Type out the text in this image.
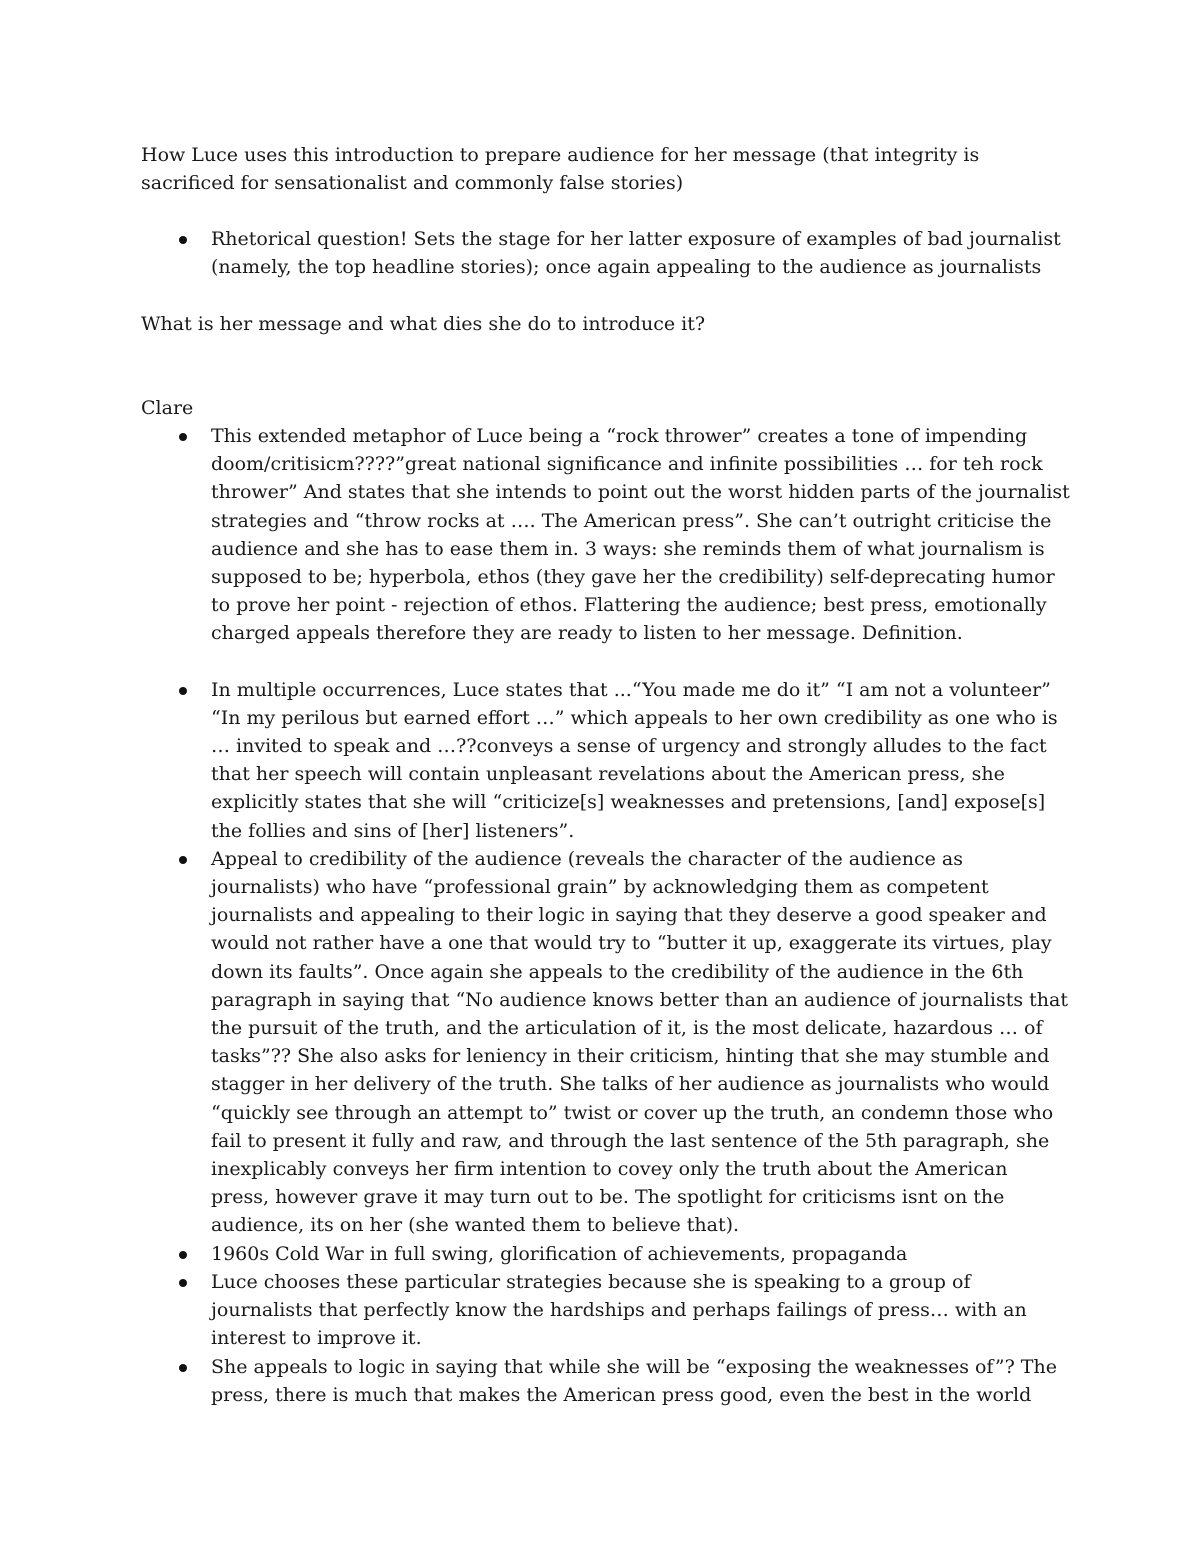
How Luce uses this introduction to prepare audience for her message (that integrity is sacrificed for sensationalist and commonly false stories)

Rhetorical question! Sets the stage for her latter exposure of examples of bad journalist (namely, the top headline stories); once again appealing to the audience as journalists

What is her message and what dies she do to introduce it?

Clare

This extended metaphor of Luce being a “rock thrower” creates a tone of impending doom/critisicm????”great national significance and infinite possibilities … for teh rock thrower” And states that she intends to point out the worst hidden parts of the journalist strategies and “throw rocks at …. The American press”. She can’t outright criticise the audience and she has to ease them in. 3 ways: she reminds them of what journalism is supposed to be; hyperbola, ethos (they gave her the credibility) self-deprecating humor to prove her point - rejection of ethos. Flattering the audience; best press, emotionally charged appeals therefore they are ready to listen to her message. Definition.
In multiple occurrences, Luce states that ...“You made me do it” “I am not a volunteer” “In my perilous but earned effort …” which appeals to her own credibility as one who is … invited to speak and …??conveys a sense of urgency and strongly alludes to the fact that her speech will contain unpleasant revelations about the American press, she explicitly states that she will “criticize[s] weaknesses and pretensions, [and] expose[s] the follies and sins of [her] listeners”.
Appeal to credibility of the audience (reveals the character of the audience as journalists) who have “professional grain” by acknowledging them as competent journalists and appealing to their logic in saying that they deserve a good speaker and would not rather have a one that would try to “butter it up, exaggerate its virtues, play down its faults”. Once again she appeals to the credibility of the audience in the 6th paragraph in saying that “No audience knows better than an audience of journalists that the pursuit of the truth, and the articulation of it, is the most delicate, hazardous … of tasks”?? She also asks for leniency in their criticism, hinting that she may stumble and stagger in her delivery of the truth. She talks of her audience as journalists who would “quickly see through an attempt to” twist or cover up the truth, an condemn those who fail to present it fully and raw, and through the last sentence of the 5th paragraph, she inexplicably conveys her firm intention to covey only the truth about the American press, however grave it may turn out to be. The spotlight for criticisms isnt on the audience, its on her (she wanted them to believe that).
1960s Cold War in full swing, glorification of achievements, propaganda
Luce chooses these particular strategies because she is speaking to a group of journalists that perfectly know the hardships and perhaps failings of press… with an interest to improve it.
She appeals to logic in saying that while she will be “exposing the weaknesses of”? The press, there is much that makes the American press good, even the best in the world
